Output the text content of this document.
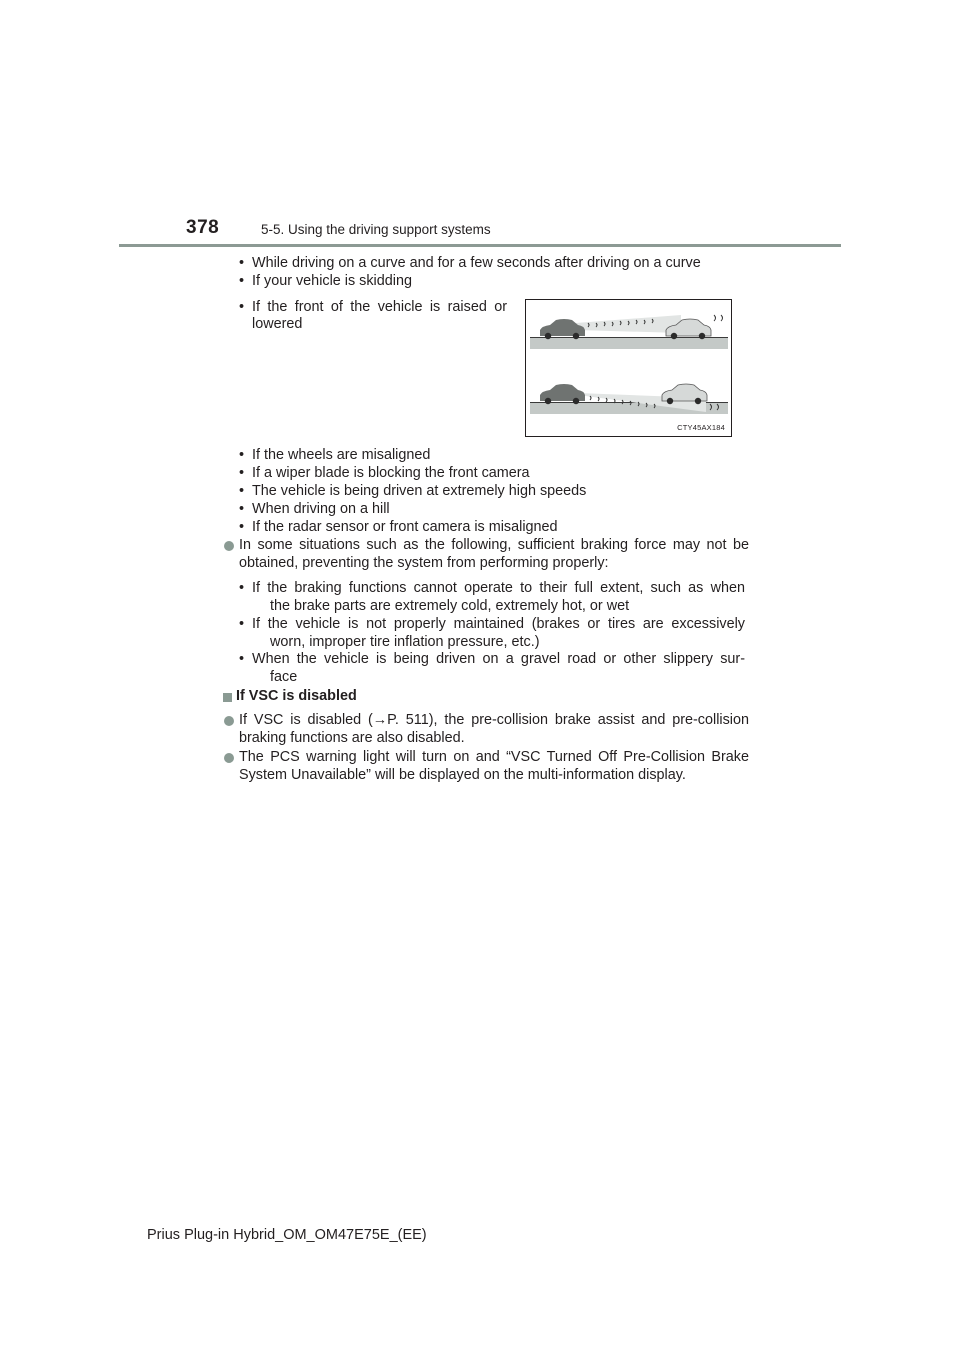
378	5-5. Using the driving support systems
• While driving on a curve and for a few seconds after driving on a curve
• If your vehicle is skidding
• If the front of the vehicle is raised or
lowered
CTY45AX184
• If the wheels are misaligned
• If a wiper blade is blocking the front camera
• The vehicle is being driven at extremely high speeds
• When driving on a hill
• If the radar sensor or front camera is misaligned
In some situations such as the following, sufficient braking force may not be
obtained, preventing the system from performing properly:
• If the braking functions cannot operate to their full extent, such as when
the brake parts are extremely cold, extremely hot, or wet
• If the vehicle is not properly maintained (brakes or tires are excessively
worn, improper tire inflation pressure, etc.)
• When the vehicle is being driven on a gravel road or other slippery sur-
face
If VSC is disabled
If VSC is disabled (→P. 511), the pre-collision brake assist and pre-collision
braking functions are also disabled.
The PCS warning light will turn on and “VSC Turned Off Pre-Collision Brake
System Unavailable” will be displayed on the multi-information display.
Prius Plug-in Hybrid_OM_OM47E75E_(EE)
